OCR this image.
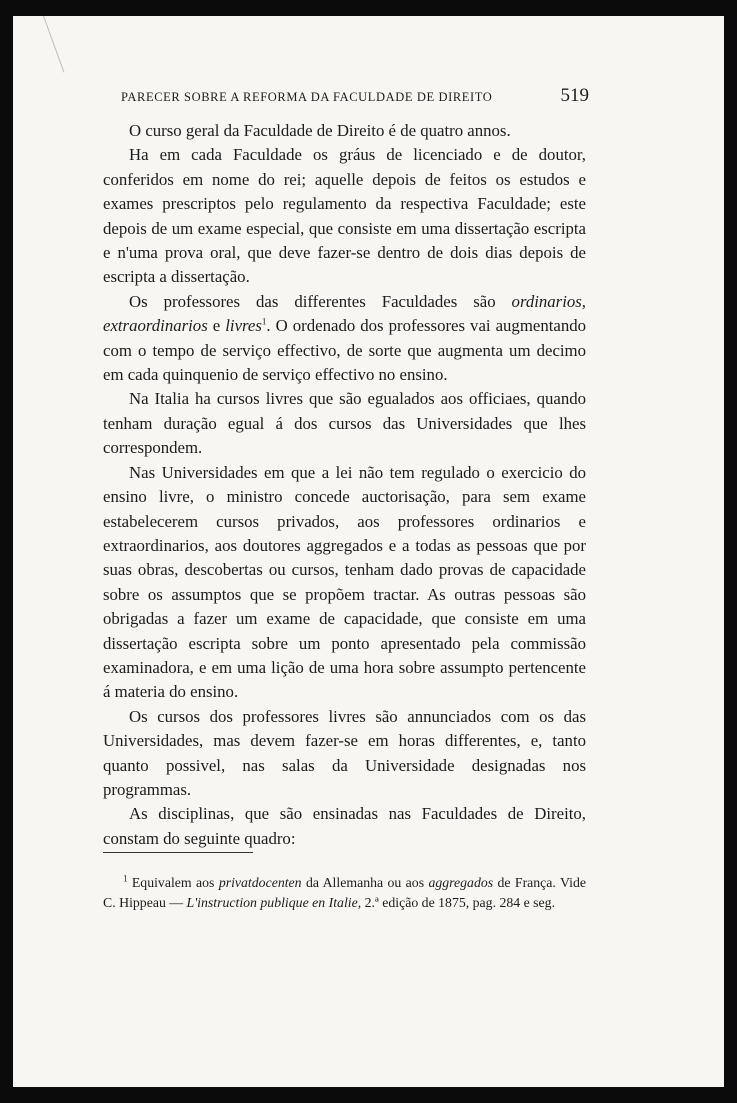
PARECER SOBRE A REFORMA DA FACULDADE DE DIREITO	519

O curso geral da Faculdade de Direito é de quatro annos.

Ha em cada Faculdade os gráus de licenciado e de doutor, conferidos em nome do rei; aquelle depois de feitos os estudos e exames prescriptos pelo regulamento da respectiva Faculdade; este depois de um exame especial, que consiste em uma dissertação escripta e n'uma prova oral, que deve fazer-se dentro de dois dias depois de escripta a dissertação.

Os professores das differentes Faculdades são ordinarios, extraordinarios e livres$^1$. O ordenado dos professores vai augmentando com o tempo de serviço effectivo, de sorte que augmenta um decimo em cada quinquenio de serviço effectivo no ensino.

Na Italia ha cursos livres que são egualados aos officiaes, quando tenham duração egual á dos cursos das Universidades que lhes correspondem.

Nas Universidades em que a lei não tem regulado o exercicio do ensino livre, o ministro concede auctorisação, para sem exame estabelecerem cursos privados, aos professores ordinarios e extraordinarios, aos doutores aggregados e a todas as pessoas que por suas obras, descobertas ou cursos, tenham dado provas de capacidade sobre os assumptos que se propõem tractar. As outras pessoas são obrigadas a fazer um exame de capacidade, que consiste em uma dissertação escripta sobre um ponto apresentado pela commissão examinadora, e em uma lição de uma hora sobre assumpto pertencente á materia do ensino.

Os cursos dos professores livres são annunciados com os das Universidades, mas devem fazer-se em horas differentes, e, tanto quanto possivel, nas salas da Universidade designadas nos programmas.

As disciplinas, que são ensinadas nas Faculdades de Direito, constam do seguinte quadro:

$^1$ Equivalem aos privatdocenten da Allemanha ou aos aggregados de França. Vide C. Hippeau — L'instruction publique en Italie, 2.ª edição de 1875, pag. 284 e seg.
